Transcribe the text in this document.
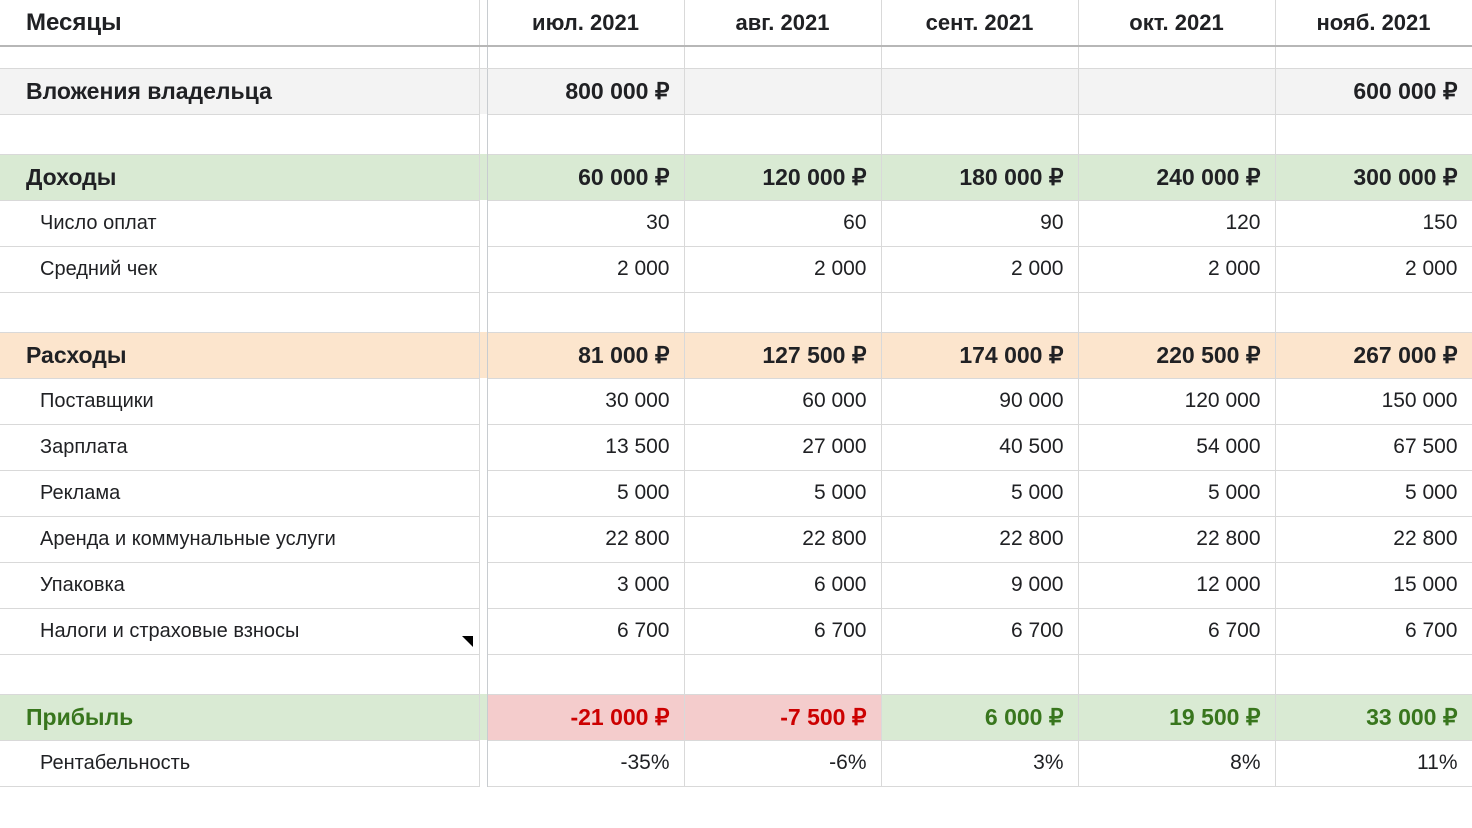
Месяцы		июл. 2021	авг. 2021	сент. 2021	окт. 2021	нояб. 2021

Вложения владельца		800 000 ₽				600 000 ₽

Доходы		60 000 ₽	120 000 ₽	180 000 ₽	240 000 ₽	300 000 ₽
Число оплат		30	60	90	120	150
Средний чек		2 000	2 000	2 000	2 000	2 000

Расходы		81 000 ₽	127 500 ₽	174 000 ₽	220 500 ₽	267 000 ₽
Поставщики		30 000	60 000	90 000	120 000	150 000
Зарплата		13 500	27 000	40 500	54 000	67 500
Реклама		5 000	5 000	5 000	5 000	5 000
Аренда и коммунальные услуги		22 800	22 800	22 800	22 800	22 800
Упаковка		3 000	6 000	9 000	12 000	15 000
Налоги и страховые взносы		6 700	6 700	6 700	6 700	6 700

Прибыль		-21 000 ₽	-7 500 ₽	6 000 ₽	19 500 ₽	33 000 ₽
Рентабельность		-35%	-6%	3%	8%	11%
